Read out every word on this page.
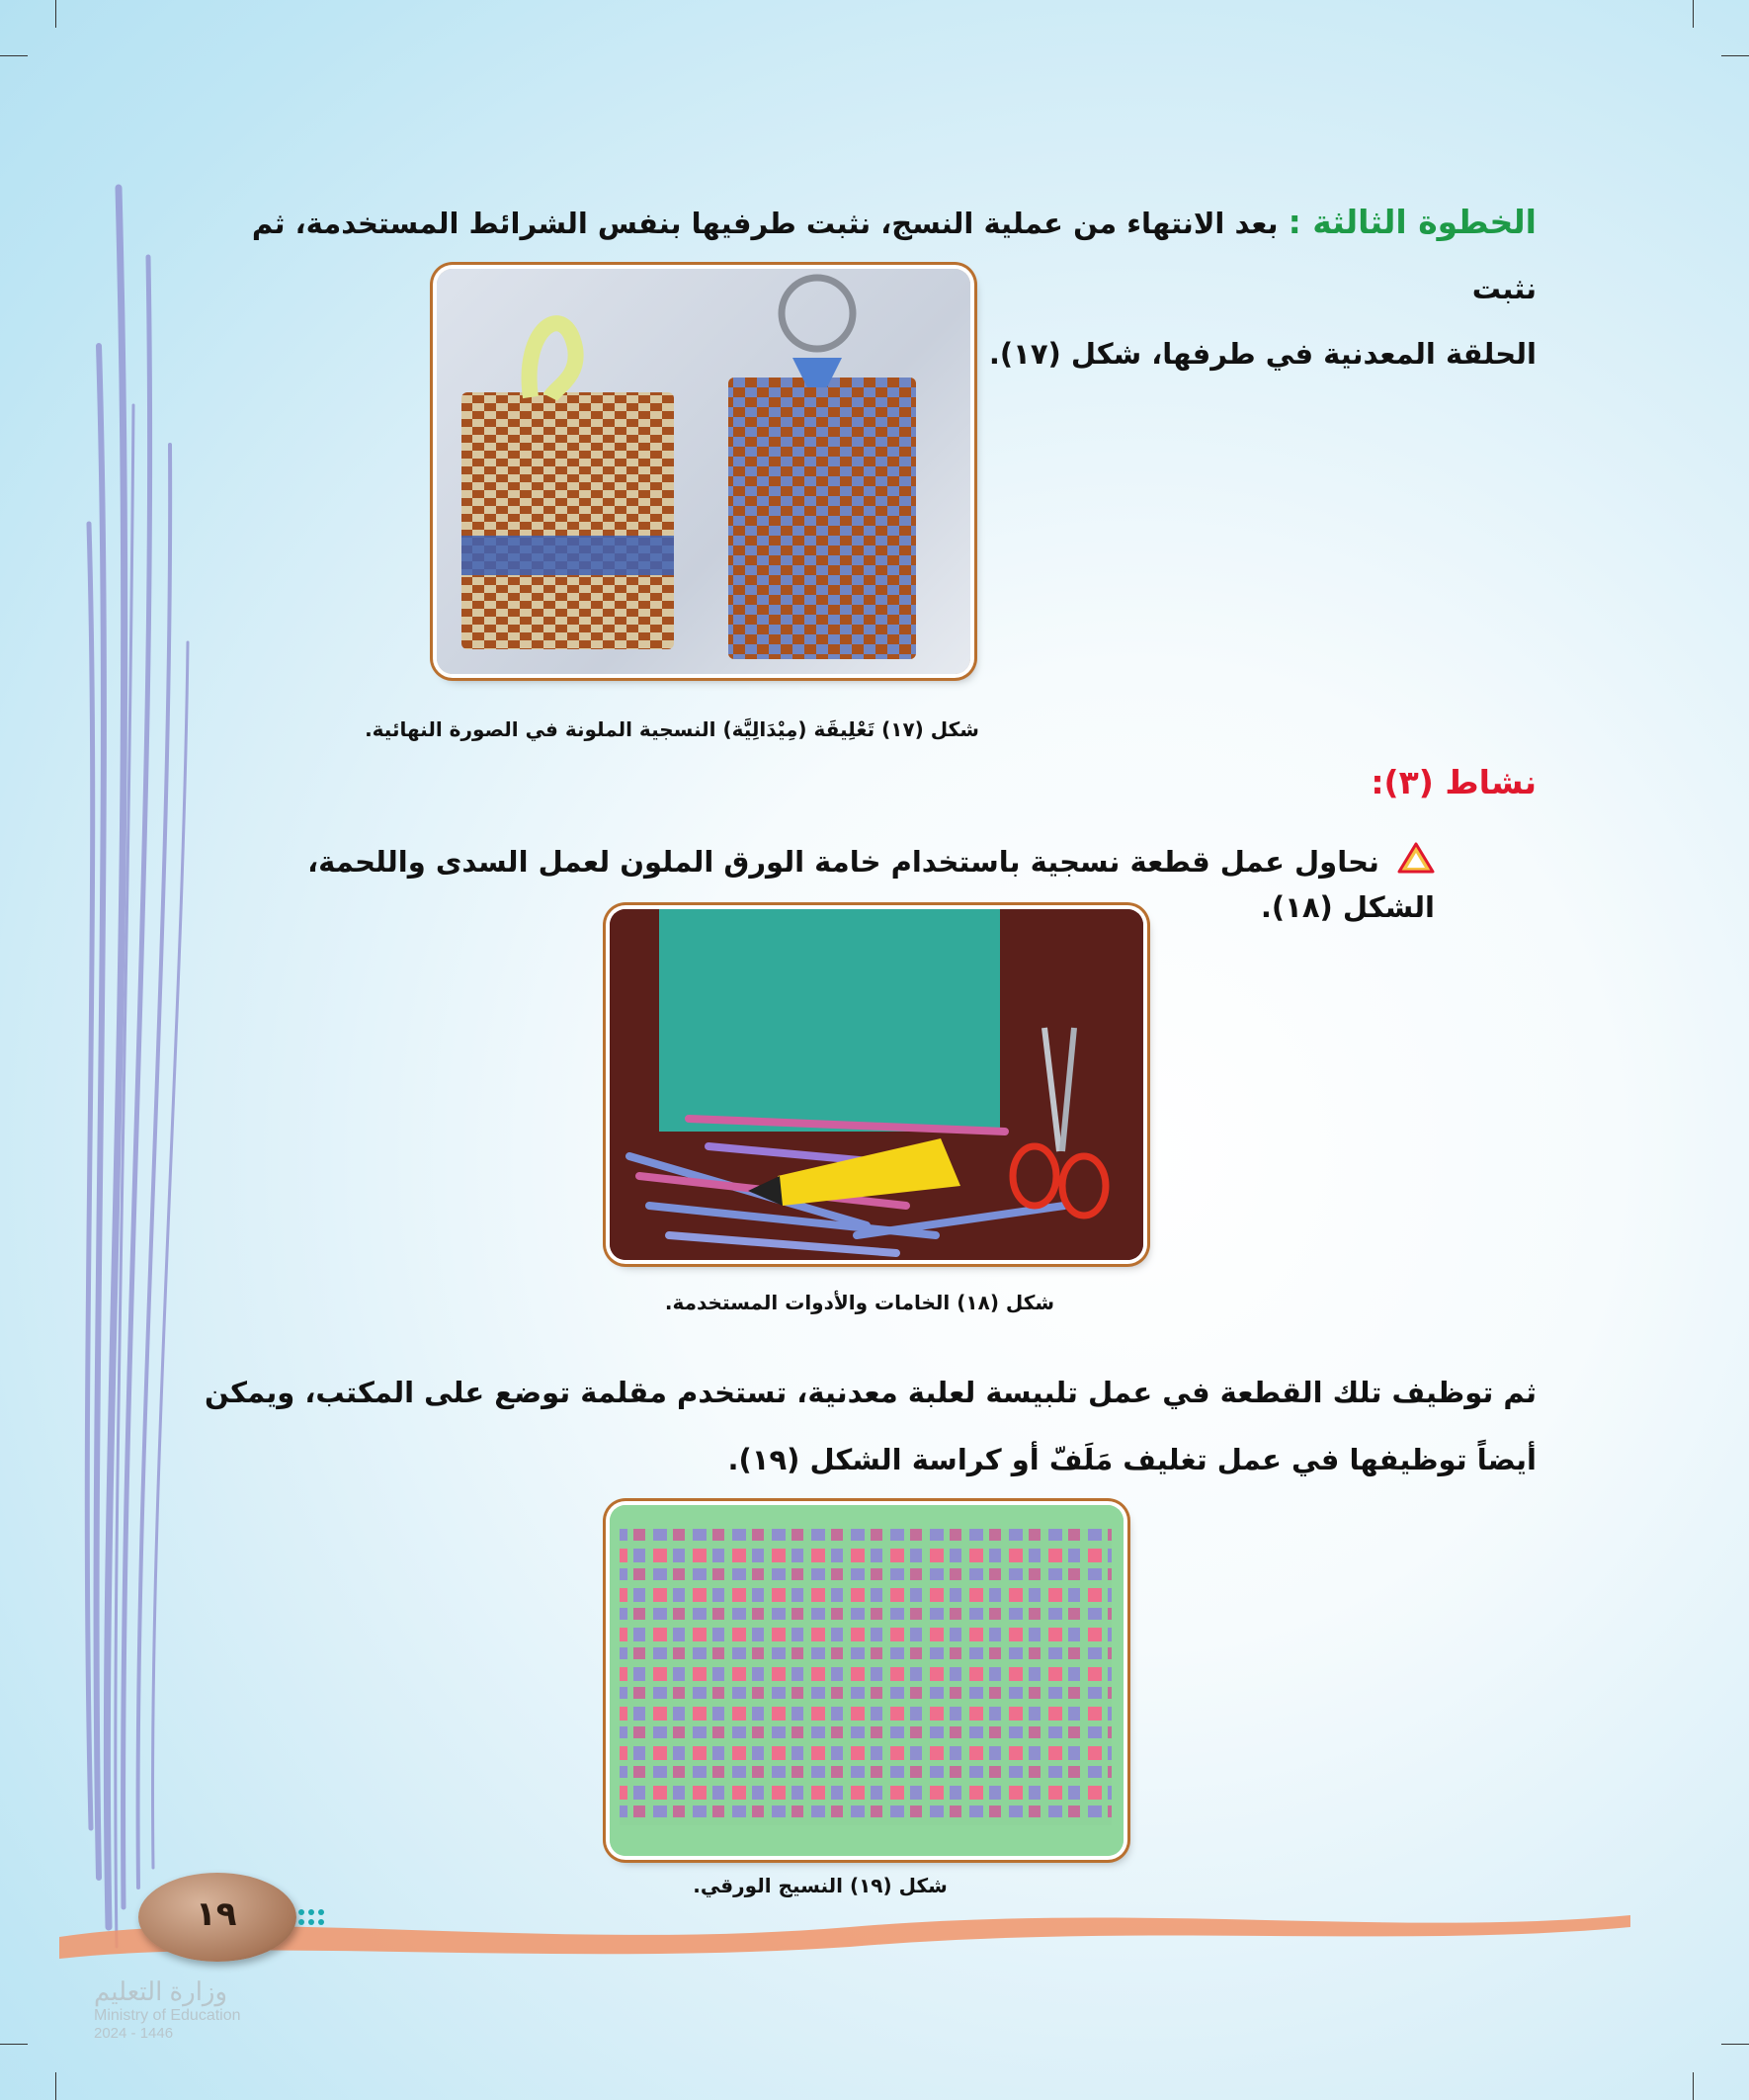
الخطوة الثالثة : بعد الانتهاء من عملية النسج، نثبت طرفيها بنفس الشرائط المستخدمة، ثم نثبت
الحلقة المعدنية في طرفها، شكل (١٧).
شكل (١٧) تَعْلِيقَة (مِيْدَالِيَّة) النسجية الملونة في الصورة النهائية.
نشاط (٣):
نحاول عمل قطعة نسجية باستخدام خامة الورق الملون لعمل السدى واللحمة، الشكل (١٨).
شكل (١٨) الخامات والأدوات المستخدمة.
ثم توظيف تلك القطعة في عمل تلبيسة لعلبة معدنية، تستخدم مقلمة توضع على المكتب، ويمكن
أيضاً توظيفها في عمل تغليف مَلَفّ أو كراسة الشكل (١٩).
شكل (١٩) النسيج الورقي.
١٩
وزارة التعليم
Ministry of Education
2024 - 1446
